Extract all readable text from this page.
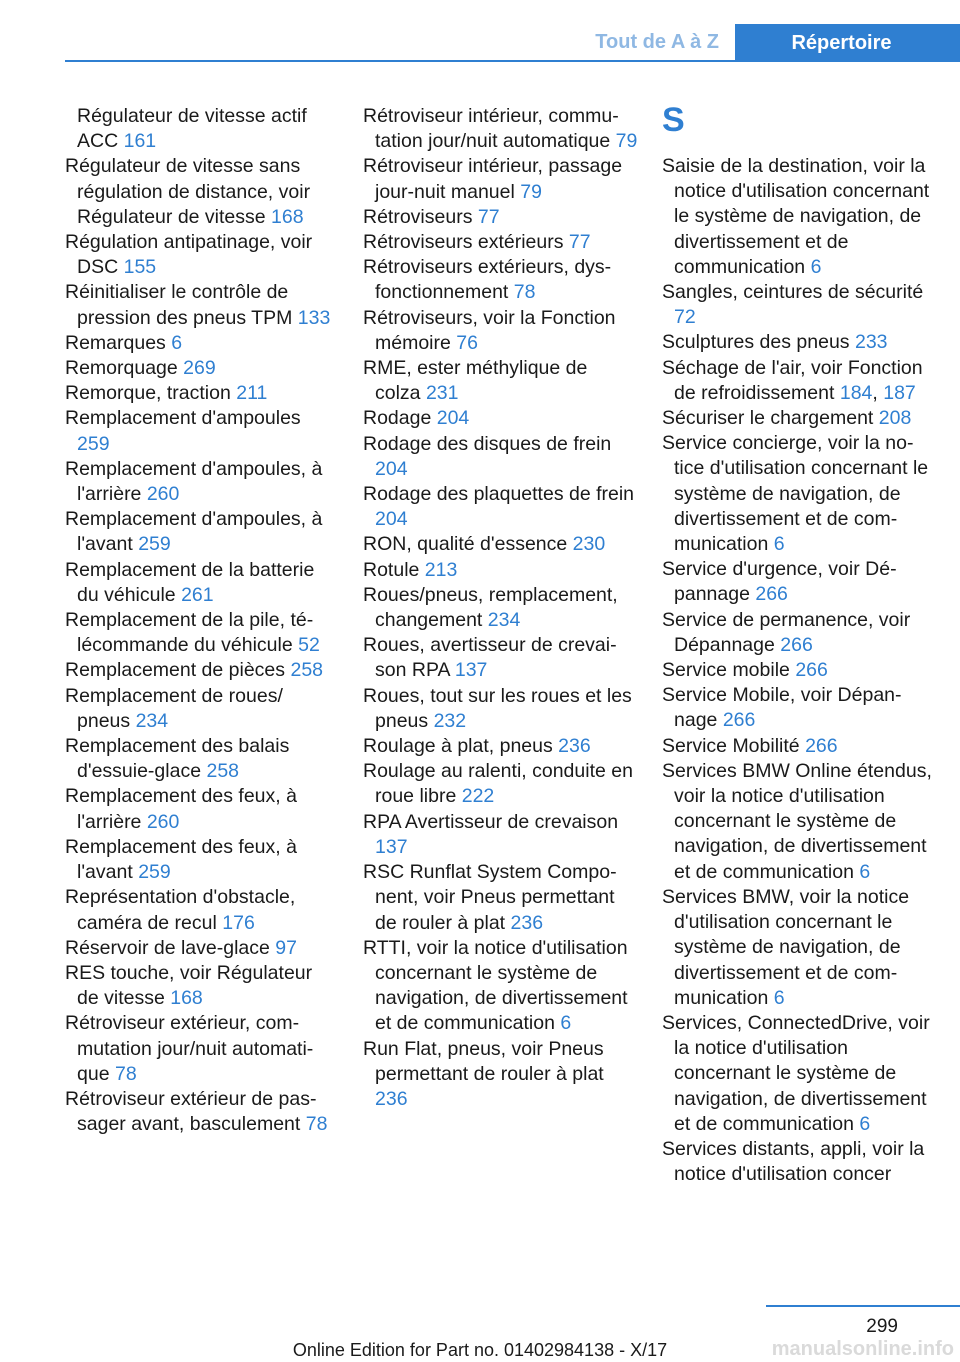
Tout de A à Z	Répertoire

Régulateur de vitesse actif ACC 161

Régulateur de vitesse sans régulation de distance, voir Régulateur de vitesse 168

Régulation antipatinage, voir DSC 155

Réinitialiser le contrôle de pression des pneus TPM 133

Remarques 6

Remorquage 269

Remorque, traction 211

Remplacement d'ampoules 259

Remplacement d'ampoules, à l'arrière 260

Remplacement d'ampoules, à l'avant 259

Remplacement de la batterie du véhicule 261

Remplacement de la pile, télécommande du véhicule 52

Remplacement de pièces 258

Remplacement de roues/ pneus 234

Remplacement des balais d'essuie-glace 258

Remplacement des feux, à l'arrière 260

Remplacement des feux, à l'avant 259

Représentation d'obstacle, caméra de recul 176

Réservoir de lave-glace 97

RES touche, voir Régulateur de vitesse 168

Rétroviseur extérieur, commutation jour/nuit automatique 78

Rétroviseur extérieur de passager avant, basculement 78

Rétroviseur intérieur, commutation jour/nuit automatique 79

Rétroviseur intérieur, passage jour-nuit manuel 79

Rétroviseurs 77

Rétroviseurs extérieurs 77

Rétroviseurs extérieurs, dysfonctionnement 78

Rétroviseurs, voir la Fonction mémoire 76

RME, ester méthylique de colza 231

Rodage 204

Rodage des disques de frein 204

Rodage des plaquettes de frein 204

RON, qualité d'essence 230

Rotule 213

Roues/pneus, remplacement, changement 234

Roues, avertisseur de crevaison RPA 137

Roues, tout sur les roues et les pneus 232

Roulage à plat, pneus 236

Roulage au ralenti, conduite en roue libre 222

RPA Avertisseur de crevaison 137

RSC Runflat System Component, voir Pneus permettant de rouler à plat 236

RTTI, voir la notice d'utilisation concernant le système de navigation, de divertissement et de communication 6

Run Flat, pneus, voir Pneus permettant de rouler à plat 236

S

Saisie de la destination, voir la notice d'utilisation concernant le système de navigation, de divertissement et de communication 6

Sangles, ceintures de sécurité 72

Sculptures des pneus 233

Séchage de l'air, voir Fonction de refroidissement 184, 187

Sécuriser le chargement 208

Service concierge, voir la notice d'utilisation concernant le système de navigation, de divertissement et de communication 6

Service d'urgence, voir Dépannage 266

Service de permanence, voir Dépannage 266

Service mobile 266

Service Mobile, voir Dépannage 266

Service Mobilité 266

Services BMW Online étendus, voir la notice d'utilisation concernant le système de navigation, de divertissement et de communication 6

Services BMW, voir la notice d'utilisation concernant le système de navigation, de divertissement et de communication 6

Services, ConnectedDrive, voir la notice d'utilisation concernant le système de navigation, de divertissement et de communication 6

Services distants, appli, voir la notice d'utilisation concer

299
Online Edition for Part no. 01402984138 - X/17	manualsonline.info
